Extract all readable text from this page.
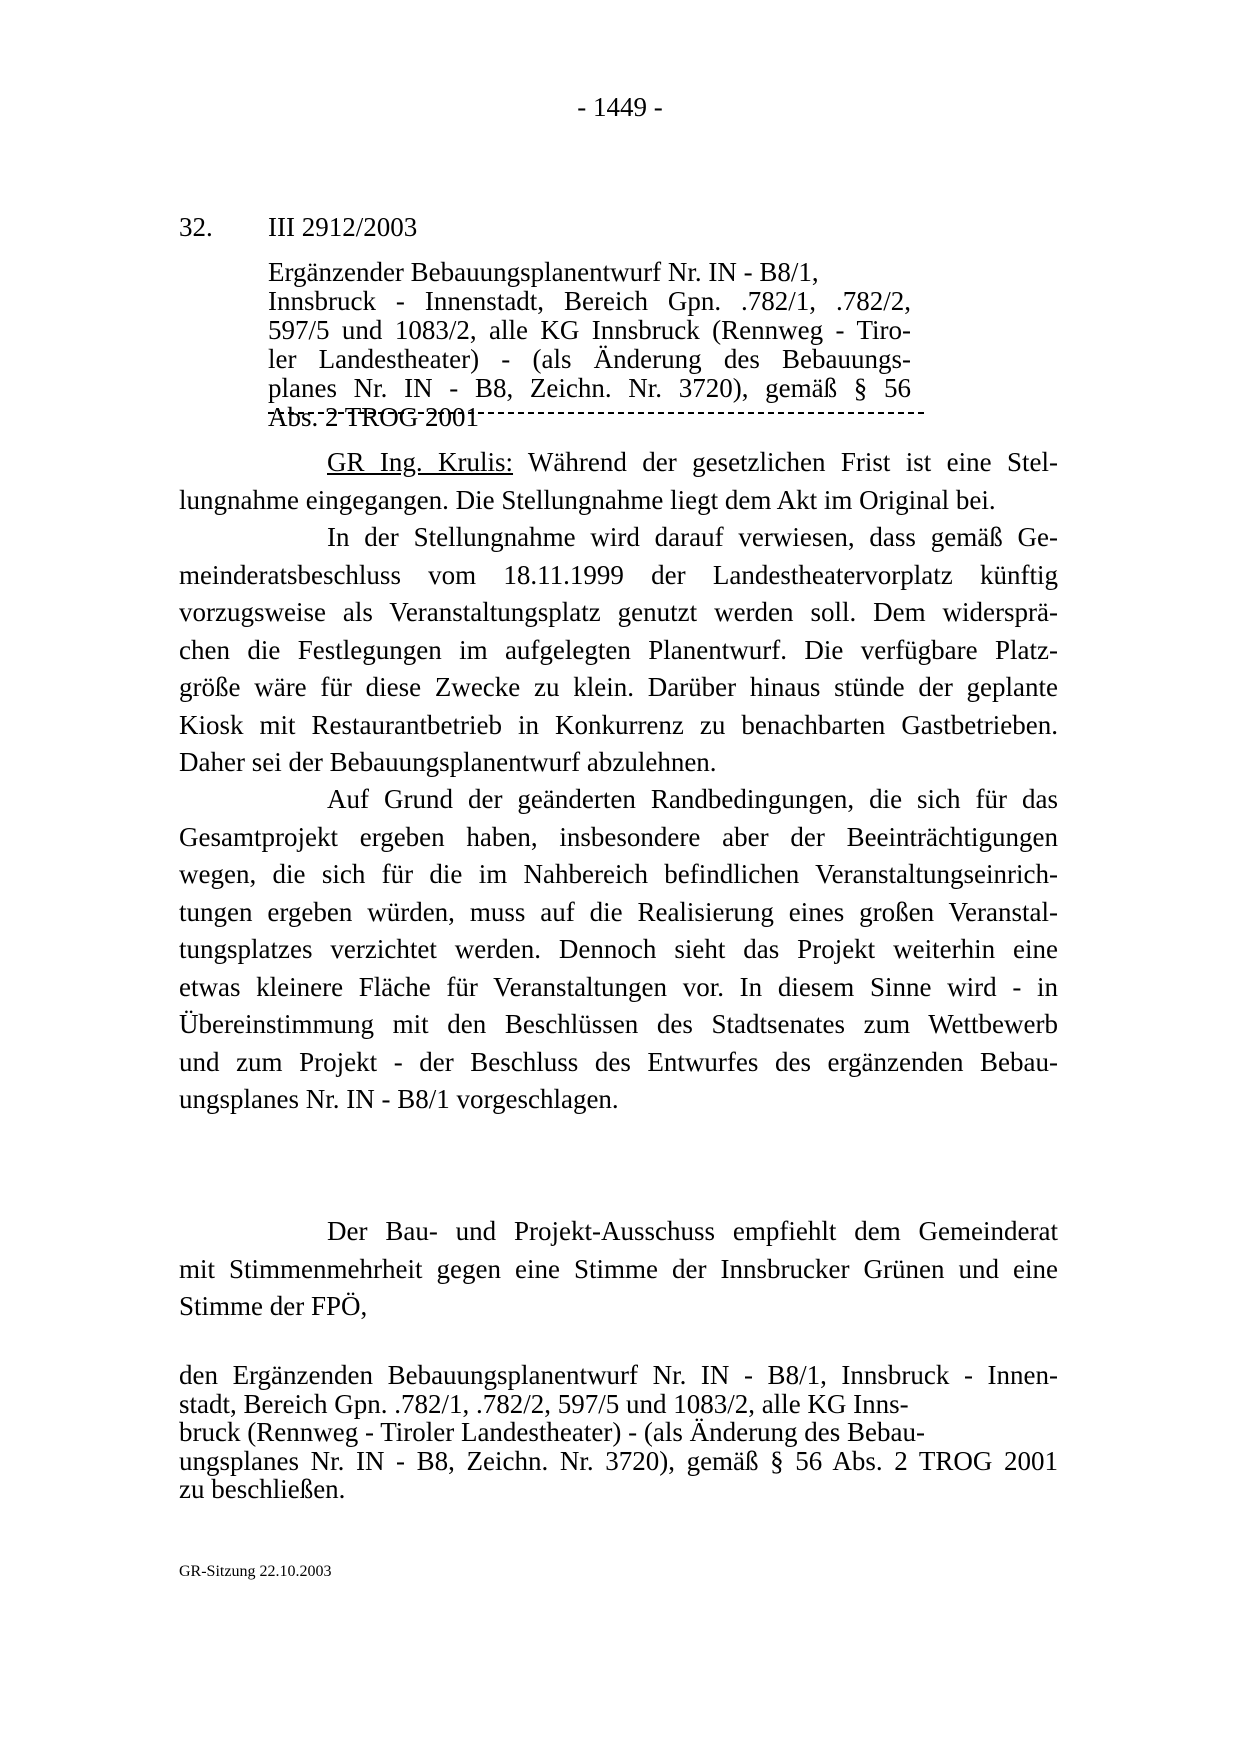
- 1449 -
32. III 2912/2003
Ergänzender Bebauungsplanentwurf Nr. IN - B8/1,
Innsbruck - Innenstadt, Bereich Gpn. .782/1, .782/2,
597/5 und 1083/2, alle KG Innsbruck (Rennweg - Tiro-
ler Landestheater) - (als Änderung des Bebauungs-
planes Nr. IN - B8, Zeichn. Nr. 3720), gemäß § 56
Abs. 2 TROG 2001
GR Ing. Krulis: Während der gesetzlichen Frist ist eine Stel-
lungnahme eingegangen. Die Stellungnahme liegt dem Akt im Original bei.
In der Stellungnahme wird darauf verwiesen, dass gemäß Ge-
meinderatsbeschluss vom 18.11.1999 der Landestheatervorplatz künftig
vorzugsweise als Veranstaltungsplatz genutzt werden soll. Dem widersprä-
chen die Festlegungen im aufgelegten Planentwurf. Die verfügbare Platz-
größe wäre für diese Zwecke zu klein. Darüber hinaus stünde der geplante
Kiosk mit Restaurantbetrieb in Konkurrenz zu benachbarten Gastbetrieben.
Daher sei der Bebauungsplanentwurf abzulehnen.
Auf Grund der geänderten Randbedingungen, die sich für das
Gesamtprojekt ergeben haben, insbesondere aber der Beeinträchtigungen
wegen, die sich für die im Nahbereich befindlichen Veranstaltungseinrich-
tungen ergeben würden, muss auf die Realisierung eines großen Veranstal-
tungsplatzes verzichtet werden. Dennoch sieht das Projekt weiterhin eine
etwas kleinere Fläche für Veranstaltungen vor. In diesem Sinne wird - in
Übereinstimmung mit den Beschlüssen des Stadtsenates zum Wettbewerb
und zum Projekt - der Beschluss des Entwurfes des ergänzenden Bebau-
ungsplanes Nr. IN - B8/1 vorgeschlagen.
Der Bau- und Projekt-Ausschuss empfiehlt dem Gemeinderat
mit Stimmenmehrheit gegen eine Stimme der Innsbrucker Grünen und eine
Stimme der FPÖ,
den Ergänzenden Bebauungsplanentwurf Nr. IN - B8/1, Innsbruck - Innen-
stadt, Bereich Gpn. .782/1, .782/2, 597/5 und 1083/2, alle KG Inns-
bruck (Rennweg - Tiroler Landestheater) - (als Änderung des Bebau-
ungsplanes Nr. IN - B8, Zeichn. Nr. 3720), gemäß § 56 Abs. 2 TROG 2001
zu beschließen.
GR-Sitzung 22.10.2003
